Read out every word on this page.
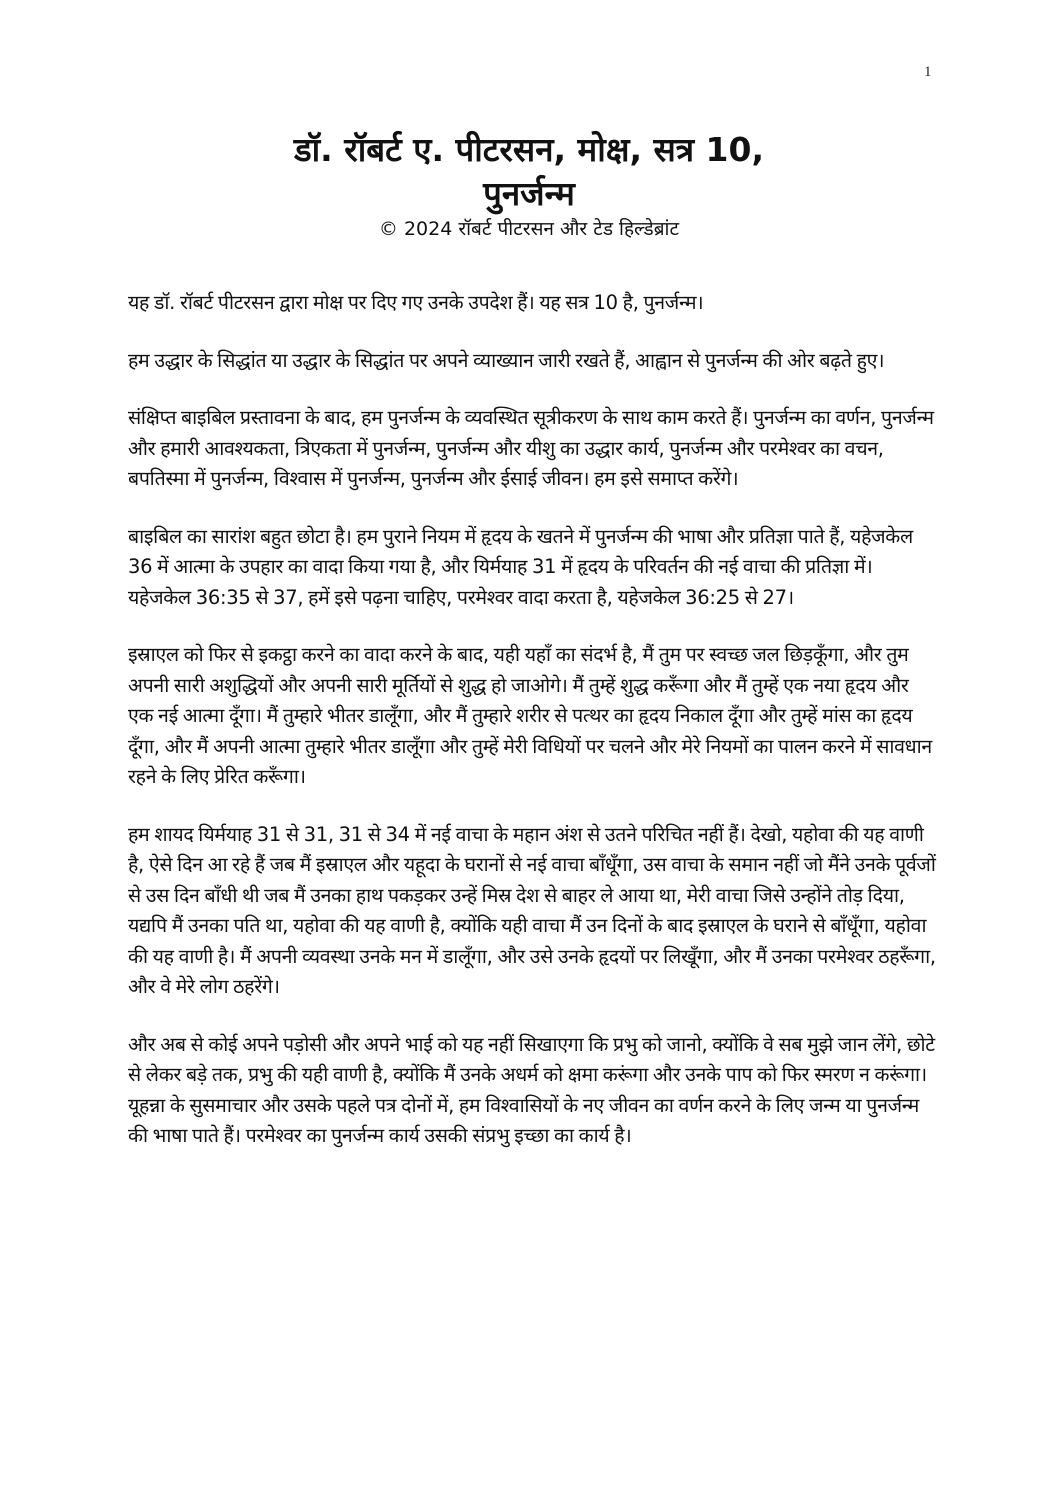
1
डॉ. रॉबर्ट ए. पीटरसन, मोक्ष, सत्र 10,
पुनर्जन्म

© 2024 रॉबर्ट पीटरसन और टेड हिल्डेब्रांट

यह डॉ. रॉबर्ट पीटरसन द्वारा मोक्ष पर दिए गए उनके उपदेश हैं। यह सत्र 10 है, पुनर्जन्म।

हम उद्धार के सिद्धांत या उद्धार के सिद्धांत पर अपने व्याख्यान जारी रखते हैं, आह्वान से पुनर्जन्म की ओर बढ़ते हुए।

संक्षिप्त बाइबिल प्रस्तावना के बाद, हम पुनर्जन्म के व्यवस्थित सूत्रीकरण के साथ काम करते हैं। पुनर्जन्म का वर्णन, पुनर्जन्म और हमारी आवश्यकता, त्रिएकता में पुनर्जन्म, पुनर्जन्म और यीशु का उद्धार कार्य, पुनर्जन्म और परमेश्वर का वचन, बपतिस्मा में पुनर्जन्म, विश्वास में पुनर्जन्म, पुनर्जन्म और ईसाई जीवन। हम इसे समाप्त करेंगे।

बाइबिल का सारांश बहुत छोटा है। हम पुराने नियम में हृदय के खतने में पुनर्जन्म की भाषा और प्रतिज्ञा पाते हैं, यहेजकेल 36 में आत्मा के उपहार का वादा किया गया है, और यिर्मयाह 31 में हृदय के परिवर्तन की नई वाचा की प्रतिज्ञा में। यहेजकेल 36:35 से 37, हमें इसे पढ़ना चाहिए, परमेश्वर वादा करता है, यहेजकेल 36:25 से 27।

इस्राएल को फिर से इकट्ठा करने का वादा करने के बाद, यही यहाँ का संदर्भ है, मैं तुम पर स्वच्छ जल छिड़कूँगा, और तुम अपनी सारी अशुद्धियों और अपनी सारी मूर्तियों से शुद्ध हो जाओगे। मैं तुम्हें शुद्ध करूँगा और मैं तुम्हें एक नया हृदय और एक नई आत्मा दूँगा। मैं तुम्हारे भीतर डालूँगा, और मैं तुम्हारे शरीर से पत्थर का हृदय निकाल दूँगा और तुम्हें मांस का हृदय दूँगा, और मैं अपनी आत्मा तुम्हारे भीतर डालूँगा और तुम्हें मेरी विधियों पर चलने और मेरे नियमों का पालन करने में सावधान रहने के लिए प्रेरित करूँगा।

हम शायद यिर्मयाह 31 से 31, 31 से 34 में नई वाचा के महान अंश से उतने परिचित नहीं हैं। देखो, यहोवा की यह वाणी है, ऐसे दिन आ रहे हैं जब मैं इस्राएल और यहूदा के घरानों से नई वाचा बाँधूँगा, उस वाचा के समान नहीं जो मैंने उनके पूर्वजों से उस दिन बाँधी थी जब मैं उनका हाथ पकड़कर उन्हें मिस्र देश से बाहर ले आया था, मेरी वाचा जिसे उन्होंने तोड़ दिया, यद्यपि मैं उनका पति था, यहोवा की यह वाणी है, क्योंकि यही वाचा मैं उन दिनों के बाद इस्राएल के घराने से बाँधूँगा, यहोवा की यह वाणी है। मैं अपनी व्यवस्था उनके मन में डालूँगा, और उसे उनके हृदयों पर लिखूँगा, और मैं उनका परमेश्वर ठहरूँगा, और वे मेरे लोग ठहरेंगे।

और अब से कोई अपने पड़ोसी और अपने भाई को यह नहीं सिखाएगा कि प्रभु को जानो, क्योंकि वे सब मुझे जान लेंगे, छोटे से लेकर बड़े तक, प्रभु की यही वाणी है, क्योंकि मैं उनके अधर्म को क्षमा करूंगा और उनके पाप को फिर स्मरण न करूंगा। यूहन्ना के सुसमाचार और उसके पहले पत्र दोनों में, हम विश्वासियों के नए जीवन का वर्णन करने के लिए जन्म या पुनर्जन्म की भाषा पाते हैं। परमेश्वर का पुनर्जन्म कार्य उसकी संप्रभु इच्छा का कार्य है।
